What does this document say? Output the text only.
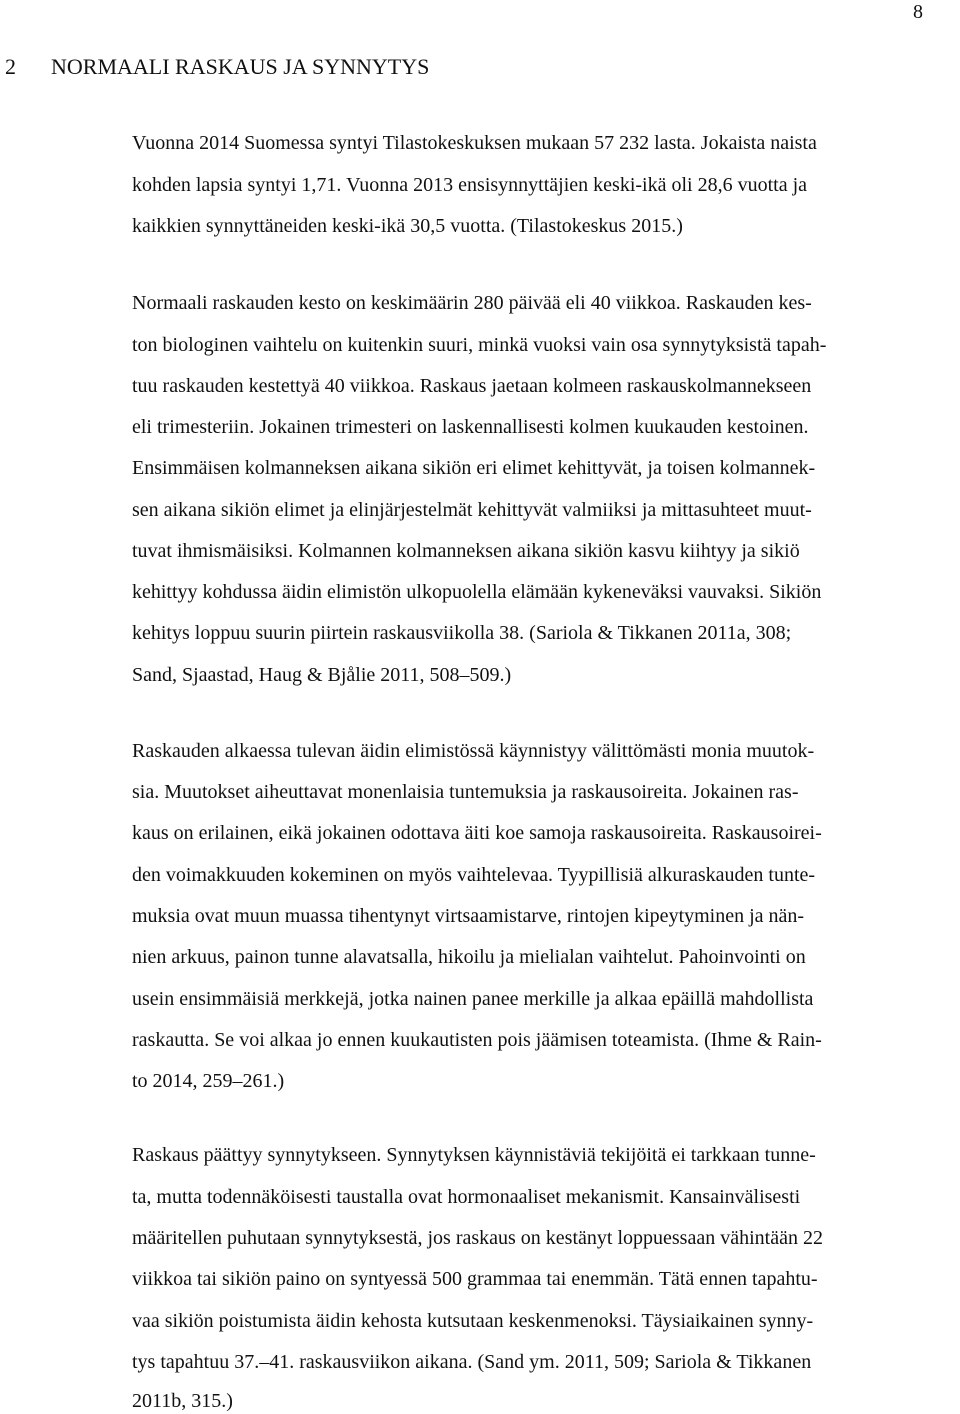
8
2 NORMAALI RASKAUS JA SYNNYTYS
Vuonna 2014 Suomessa syntyi Tilastokeskuksen mukaan 57 232 lasta. Jokaista naista
kohden lapsia syntyi 1,71. Vuonna 2013 ensisynnyttäjien keski-ikä oli 28,6 vuotta ja
kaikkien synnyttäneiden keski-ikä 30,5 vuotta. (Tilastokeskus 2015.)
Normaali raskauden kesto on keskimäärin 280 päivää eli 40 viikkoa. Raskauden kes-
ton biologinen vaihtelu on kuitenkin suuri, minkä vuoksi vain osa synnytyksistä tapah-
tuu raskauden kestettyä 40 viikkoa. Raskaus jaetaan kolmeen raskauskolmannekseen
eli trimesteriin. Jokainen trimesteri on laskennallisesti kolmen kuukauden kestoinen.
Ensimmäisen kolmanneksen aikana sikiön eri elimet kehittyvät, ja toisen kolmannek-
sen aikana sikiön elimet ja elinjärjestelmät kehittyvät valmiiksi ja mittasuhteet muut-
tuvat ihmismäisiksi. Kolmannen kolmanneksen aikana sikiön kasvu kiihtyy ja sikiö
kehittyy kohdussa äidin elimistön ulkopuolella elämään kykeneväksi vauvaksi. Sikiön
kehitys loppuu suurin piirtein raskausviikolla 38. (Sariola & Tikkanen 2011a, 308;
Sand, Sjaastad, Haug & Bjålie 2011, 508–509.)
Raskauden alkaessa tulevan äidin elimistössä käynnistyy välittömästi monia muutok-
sia. Muutokset aiheuttavat monenlaisia tuntemuksia ja raskausoireita. Jokainen ras-
kaus on erilainen, eikä jokainen odottava äiti koe samoja raskausoireita. Raskausoirei-
den voimakkuuden kokeminen on myös vaihtelevaa. Tyypillisiä alkuraskauden tunte-
muksia ovat muun muassa tihentynyt virtsaamistarve, rintojen kipeytyminen ja nän-
nien arkuus, painon tunne alavatsalla, hikoilu ja mielialan vaihtelut. Pahoinvointi on
usein ensimmäisiä merkkejä, jotka nainen panee merkille ja alkaa epäillä mahdollista
raskautta. Se voi alkaa jo ennen kuukautisten pois jäämisen toteamista. (Ihme & Rain-
to 2014, 259–261.)
Raskaus päättyy synnytykseen. Synnytyksen käynnistäviä tekijöitä ei tarkkaan tunne-
ta, mutta todennäköisesti taustalla ovat hormonaaliset mekanismit. Kansainvälisesti
määritellen puhutaan synnytyksestä, jos raskaus on kestänyt loppuessaan vähintään 22
viikkoa tai sikiön paino on syntyessä 500 grammaa tai enemmän. Tätä ennen tapahtu-
vaa sikiön poistumista äidin kehosta kutsutaan keskenmenoksi. Täysiaikainen synny-
tys tapahtuu 37.–41. raskausviikon aikana. (Sand ym. 2011, 509; Sariola & Tikkanen
2011b, 315.)
